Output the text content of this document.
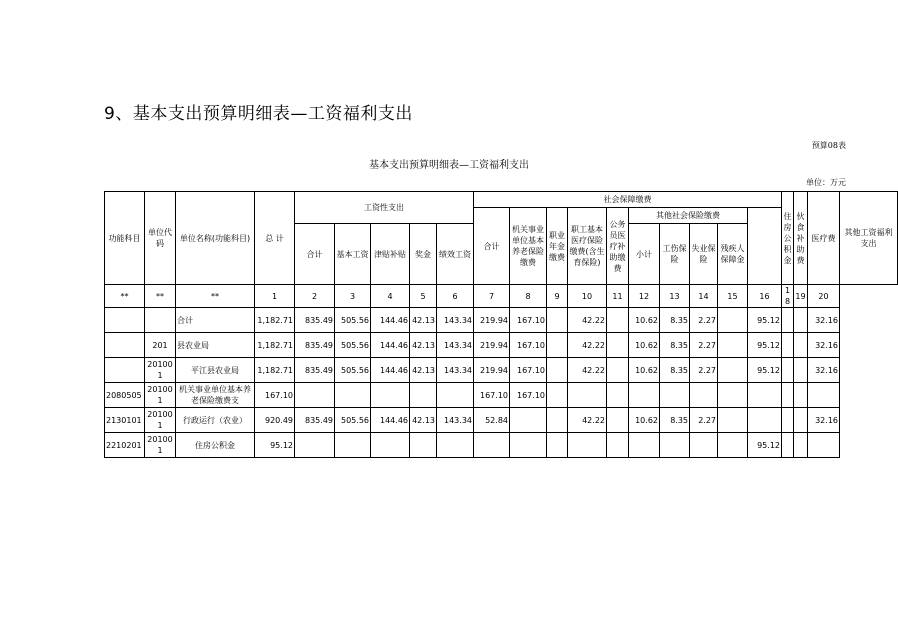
9、基本支出预算明细表—工资福利支出
预算08表
基本支出预算明细表—工资福利支出
单位：万元
功能科目	单位代码	单位名称(功能科目)	总 计	工资性支出					社会保障缴费										住房公积金	伙食补助费	医疗费	其他工资福利支出
									合计	机关事业单位基本养老保险缴费	职业年金缴费	职工基本医疗保险缴费(含生育保险)	公务员医疗补助缴费	其他社会保险缴费								
				合计	基本工资	津贴补贴	奖金	绩效工资						小计	工伤保险	失业保险	残疾人保障金					

**	**	**	1	2	3	4	5	6	7	8	9	10	11	12	13	14	15	16	18	19	20	
		合计	1,182.71	835.49	505.56	144.46	42.13	143.34	219.94	167.10		42.22		10.62	8.35	2.27		95.12			32.16	
	201	县农业局	1,182.71	835.49	505.56	144.46	42.13	143.34	219.94	167.10		42.22		10.62	8.35	2.27		95.12			32.16	
	201001	平江县农业局	1,182.71	835.49	505.56	144.46	42.13	143.34	219.94	167.10		42.22		10.62	8.35	2.27		95.12			32.16	
2080505	201001	机关事业单位基本养老保险缴费支	167.10						167.10	167.10												
2130101	201001	行政运行（农业）	920.49	835.49	505.56	144.46	42.13	143.34	52.84			42.22		10.62	8.35	2.27					32.16	
2210201	201001	住房公积金	95.12															95.12				
